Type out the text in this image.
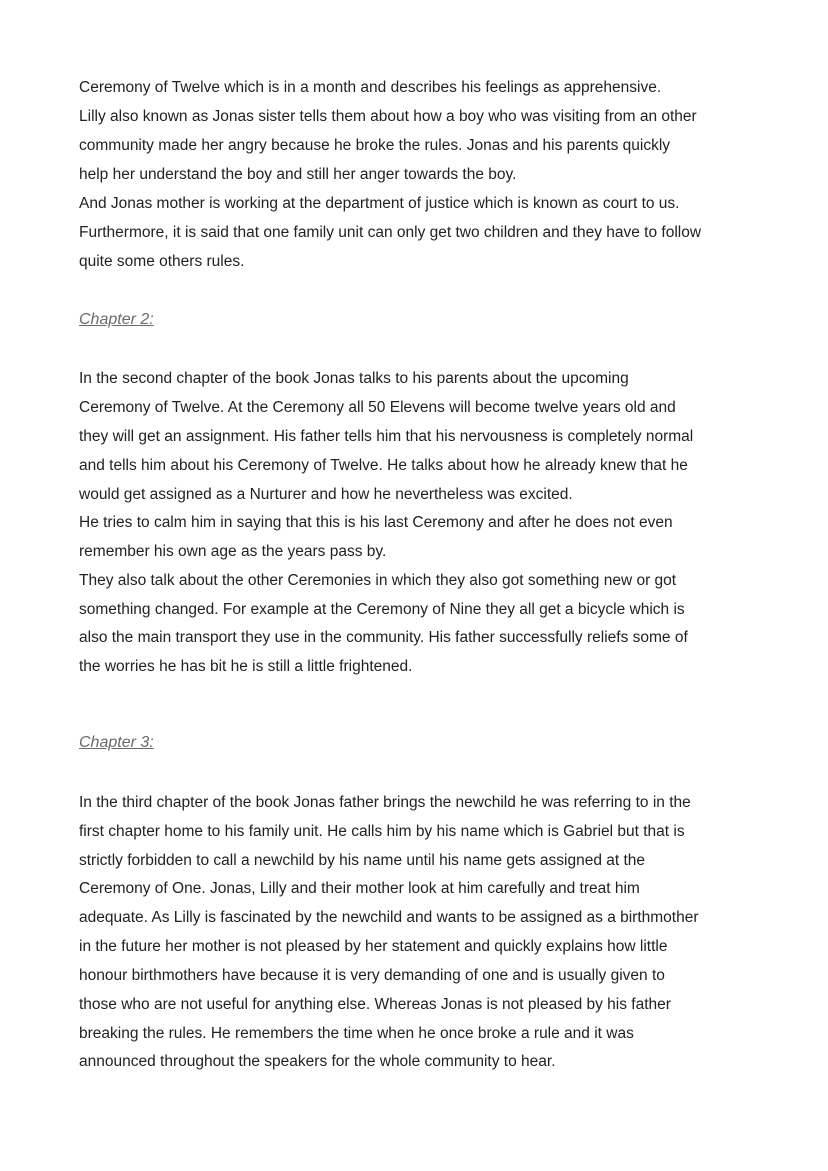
Ceremony of Twelve which is in a month and describes his feelings as apprehensive.
Lilly also known as Jonas sister tells them about how a boy who was visiting from an other
community made her angry because he broke the rules. Jonas and his parents quickly
help her understand the boy and still her anger towards the boy.
And Jonas mother is working at the department of justice which is known as court to us.
Furthermore, it is said that one family unit can only get two children and they have to follow
quite some others rules.
Chapter 2:
In the second chapter of the book Jonas talks to his parents about the upcoming
Ceremony of Twelve. At the Ceremony all 50 Elevens will become twelve years old and
they will get an assignment. His father tells him that his nervousness is completely normal
and tells him about his Ceremony of Twelve. He talks about how he already knew that he
would get assigned as a Nurturer and how he nevertheless was excited.
He tries to calm him in saying that this is his last Ceremony and after he does not even
remember his own age as the years pass by.
They also talk about the other Ceremonies in which they also got something new or got
something changed. For example at the Ceremony of Nine they all get a bicycle which is
also the main transport they use in the community. His father successfully reliefs some of
the worries he has bit he is still a little frightened.
Chapter 3:
In the third chapter of the book Jonas father brings the newchild he was referring to in the
first chapter home to his family unit. He calls him by his name which is Gabriel but that is
strictly forbidden to call a newchild by his name until his name gets assigned at the
Ceremony of One. Jonas, Lilly and their mother look at him carefully and treat him
adequate. As Lilly is fascinated by the newchild and wants to be assigned as a birthmother
in the future her mother is not pleased by her statement and quickly explains how little
honour birthmothers have because it is very demanding of one and is usually given to
those who are not useful for anything else. Whereas Jonas is not pleased by his father
breaking the rules. He remembers the time when he once broke a rule and it was
announced throughout the speakers for the whole community to hear.
